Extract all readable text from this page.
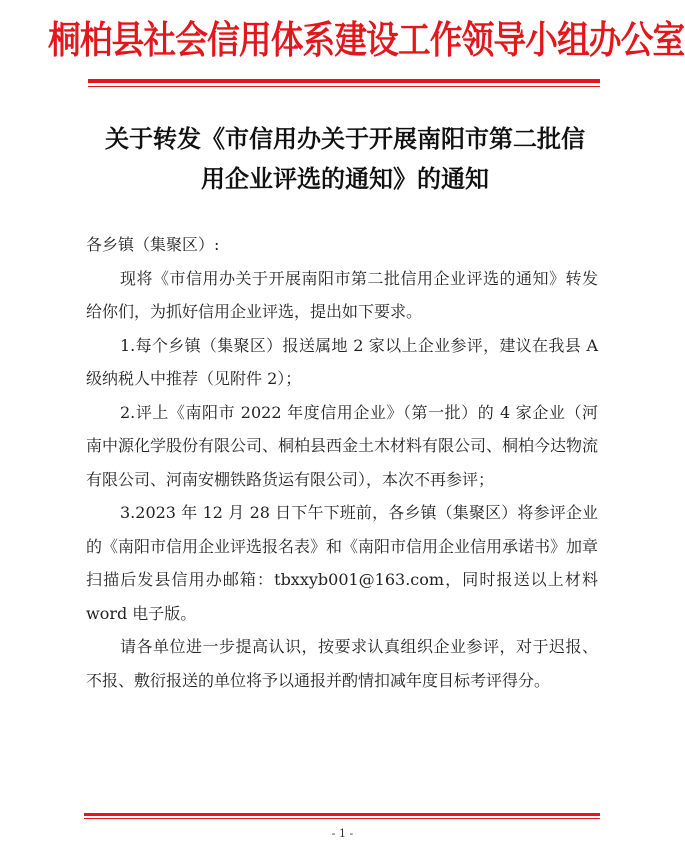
桐柏县社会信用体系建设工作领导小组办公室
关于转发《市信用办关于开展南阳市第二批信
用企业评选的通知》的通知

各乡镇（集聚区）:

现将《市信用办关于开展南阳市第二批信用企业评选的通知》转发给你们，为抓好信用企业评选，提出如下要求。

1.每个乡镇（集聚区）报送属地 2 家以上企业参评，建议在我县 A 级纳税人中推荐（见附件 2）；

2.评上《南阳市 2022 年度信用企业》（第一批）的 4 家企业（河南中源化学股份有限公司、桐柏县西金土木材料有限公司、桐柏今达物流有限公司、河南安棚铁路货运有限公司），本次不再参评；

3.2023 年 12 月 28 日下午下班前，各乡镇（集聚区）将参评企业的《南阳市信用企业评选报名表》和《南阳市信用企业信用承诺书》加章扫描后发县信用办邮箱：tbxxyb001@163.com，同时报送以上材料 word 电子版。

请各单位进一步提高认识，按要求认真组织企业参评，对于迟报、不报、敷衍报送的单位将予以通报并酌情扣减年度目标考评得分。

- 1 -
